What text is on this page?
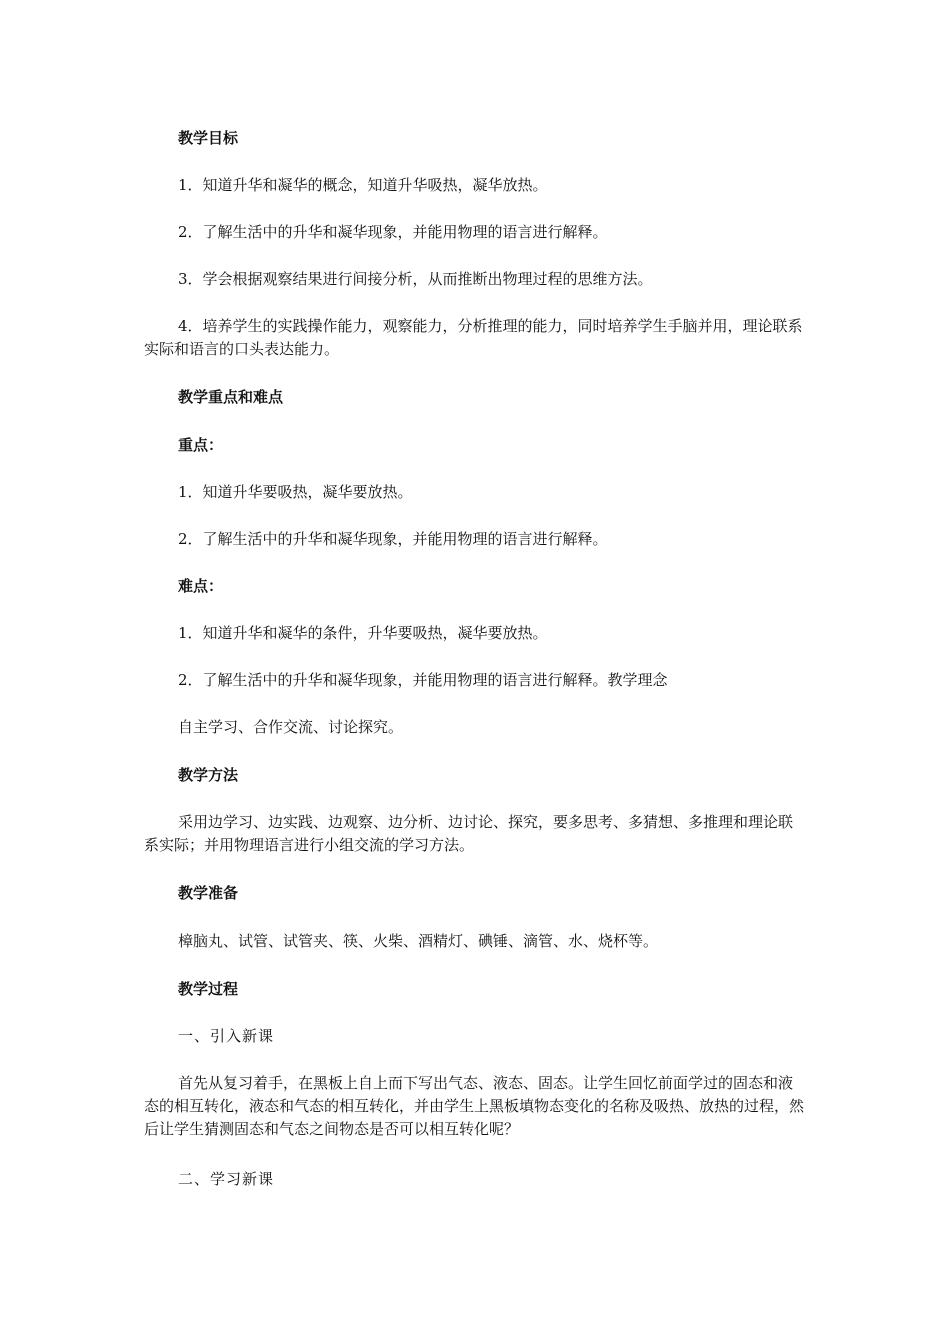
教学目标
1．知道升华和凝华的概念，知道升华吸热，凝华放热。
2．了解生活中的升华和凝华现象，并能用物理的语言进行解释。
3．学会根据观察结果进行间接分析，从而推断出物理过程的思维方法。
4．培养学生的实践操作能力，观察能力，分析推理的能力，同时培养学生手脑并用，理论联系实际和语言的口头表达能力。
教学重点和难点
重点：
1．知道升华要吸热，凝华要放热。
2．了解生活中的升华和凝华现象，并能用物理的语言进行解释。
难点：
1．知道升华和凝华的条件，升华要吸热，凝华要放热。
2．了解生活中的升华和凝华现象，并能用物理的语言进行解释。教学理念
自主学习、合作交流、讨论探究。
教学方法
采用边学习、边实践、边观察、边分析、边讨论、探究，要多思考、多猜想、多推理和理论联系实际；并用物理语言进行小组交流的学习方法。
教学准备
樟脑丸、试管、试管夹、筷、火柴、酒精灯、碘锤、滴管、水、烧杯等。
教学过程
一、引入新课
首先从复习着手，在黑板上自上而下写出气态、液态、固态。让学生回忆前面学过的固态和液态的相互转化，液态和气态的相互转化，并由学生上黑板填物态变化的名称及吸热、放热的过程，然后让学生猜测固态和气态之间物态是否可以相互转化呢？
二、学习新课
